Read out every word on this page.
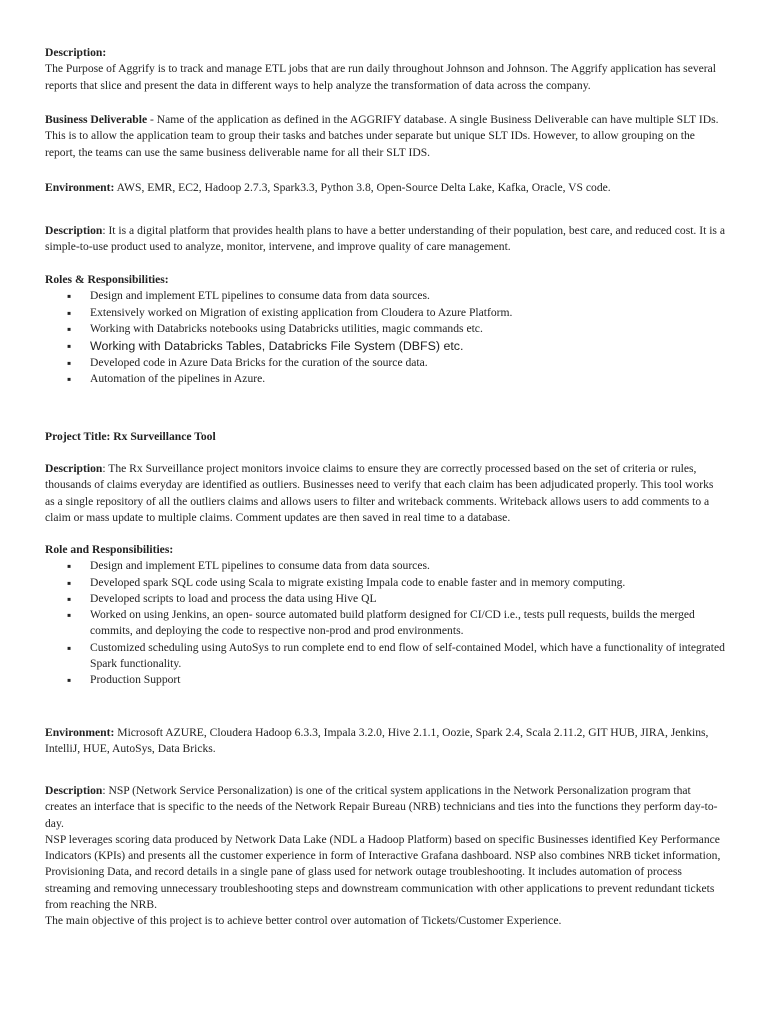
Description:

The Purpose of Aggrify is to track and manage ETL jobs that are run daily throughout Johnson and Johnson. The Aggrify application has several reports that slice and present the data in different ways to help analyze the transformation of data across the company.

Business Deliverable - Name of the application as defined in the AGGRIFY database. A single Business Deliverable can have multiple SLT IDs. This is to allow the application team to group their tasks and batches under separate but unique SLT IDs. However, to allow grouping on the report, the teams can use the same business deliverable name for all their SLT IDS.

Environment: AWS, EMR, EC2, Hadoop 2.7.3, Spark3.3, Python 3.8, Open-Source Delta Lake, Kafka, Oracle, VS code.

Description: It is a digital platform that provides health plans to have a better understanding of their population, best care, and reduced cost. It is a simple-to-use product used to analyze, monitor, intervene, and improve quality of care management.

Roles & Responsibilities:

▪ Design and implement ETL pipelines to consume data from data sources.
▪ Extensively worked on Migration of existing application from Cloudera to Azure Platform.
▪ Working with Databricks notebooks using Databricks utilities, magic commands etc.
▪ Working with Databricks Tables, Databricks File System (DBFS) etc.
▪ Developed code in Azure Data Bricks for the curation of the source data.
▪ Automation of the pipelines in Azure.

Project Title: Rx Surveillance Tool

Description: The Rx Surveillance project monitors invoice claims to ensure they are correctly processed based on the set of criteria or rules, thousands of claims everyday are identified as outliers. Businesses need to verify that each claim has been adjudicated properly. This tool works as a single repository of all the outliers claims and allows users to filter and writeback comments. Writeback allows users to add comments to a claim or mass update to multiple claims. Comment updates are then saved in real time to a database.

Role and Responsibilities:

▪ Design and implement ETL pipelines to consume data from data sources.
▪ Developed spark SQL code using Scala to migrate existing Impala code to enable faster and in memory computing.
▪ Developed scripts to load and process the data using Hive QL
▪ Worked on using Jenkins, an open- source automated build platform designed for CI/CD i.e., tests pull requests, builds the merged commits, and deploying the code to respective non-prod and prod environments.
▪ Customized scheduling using AutoSys to run complete end to end flow of self-contained Model, which have a functionality of integrated Spark functionality.
▪ Production Support

Environment: Microsoft AZURE, Cloudera Hadoop 6.3.3, Impala 3.2.0, Hive 2.1.1, Oozie, Spark 2.4, Scala 2.11.2, GIT HUB, JIRA, Jenkins, IntelliJ, HUE, AutoSys, Data Bricks.

Description: NSP (Network Service Personalization) is one of the critical system applications in the Network Personalization program that creates an interface that is specific to the needs of the Network Repair Bureau (NRB) technicians and ties into the functions they perform day-to-day.

NSP leverages scoring data produced by Network Data Lake (NDL a Hadoop Platform) based on specific Businesses identified Key Performance Indicators (KPIs) and presents all the customer experience in form of Interactive Grafana dashboard. NSP also combines NRB ticket information, Provisioning Data, and record details in a single pane of glass used for network outage troubleshooting. It includes automation of process streaming and removing unnecessary troubleshooting steps and downstream communication with other applications to prevent redundant tickets from reaching the NRB.

The main objective of this project is to achieve better control over automation of Tickets/Customer Experience.
